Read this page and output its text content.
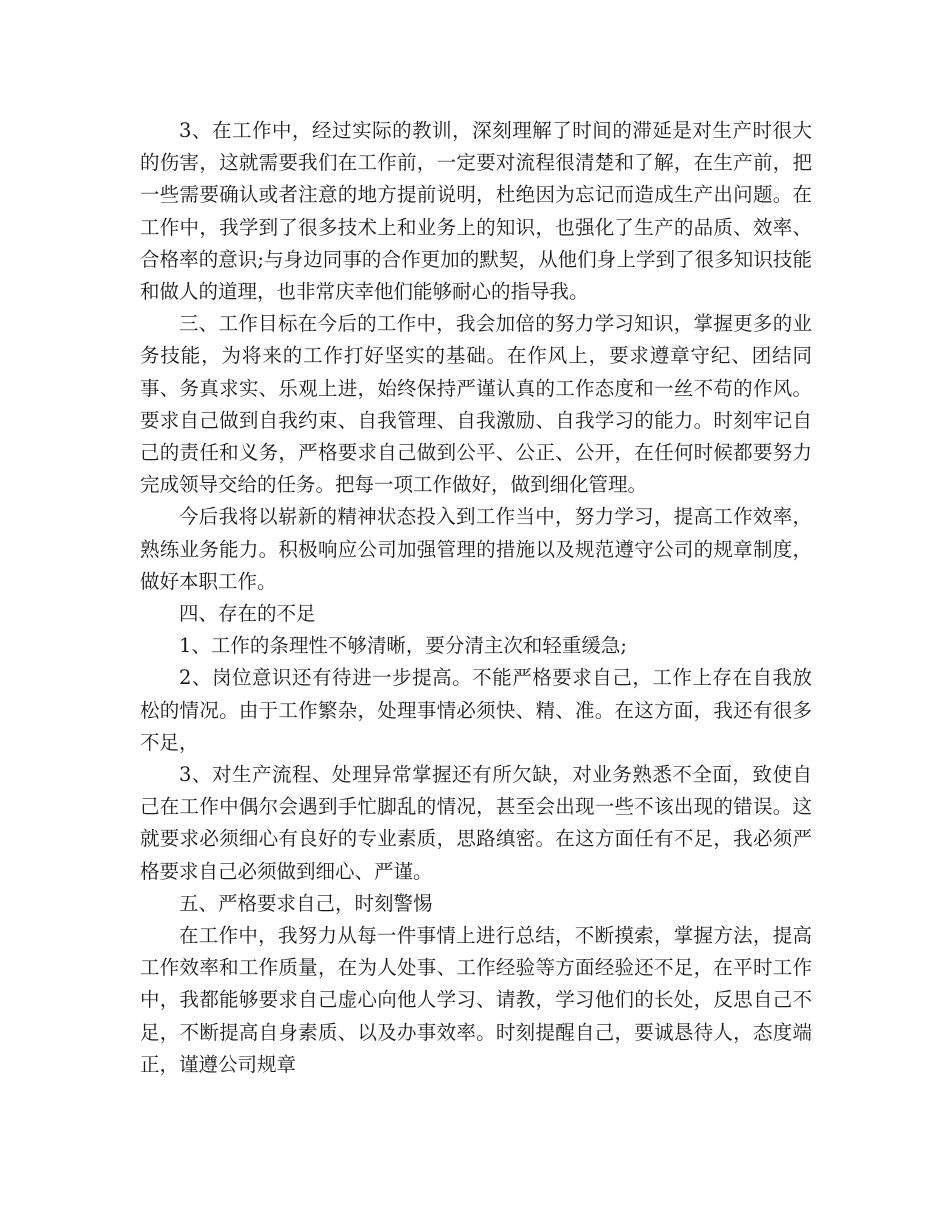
3、在工作中，经过实际的教训，深刻理解了时间的滞延是对生产时很大的伤害，这就需要我们在工作前，一定要对流程很清楚和了解，在生产前，把一些需要确认或者注意的地方提前说明，杜绝因为忘记而造成生产出问题。在工作中，我学到了很多技术上和业务上的知识，也强化了生产的品质、效率、合格率的意识;与身边同事的合作更加的默契，从他们身上学到了很多知识技能和做人的道理，也非常庆幸他们能够耐心的指导我。

三、工作目标在今后的工作中，我会加倍的努力学习知识，掌握更多的业务技能，为将来的工作打好坚实的基础。在作风上，要求遵章守纪、团结同事、务真求实、乐观上进，始终保持严谨认真的工作态度和一丝不苟的作风。要求自己做到自我约束、自我管理、自我激励、自我学习的能力。时刻牢记自己的责任和义务，严格要求自己做到公平、公正、公开，在任何时候都要努力完成领导交给的任务。把每一项工作做好，做到细化管理。

今后我将以崭新的精神状态投入到工作当中，努力学习，提高工作效率，熟练业务能力。积极响应公司加强管理的措施以及规范遵守公司的规章制度，做好本职工作。

四、存在的不足

1、工作的条理性不够清晰，要分清主次和轻重缓急;

2、岗位意识还有待进一步提高。不能严格要求自己，工作上存在自我放松的情况。由于工作繁杂，处理事情必须快、精、准。在这方面，我还有很多不足，

3、对生产流程、处理异常掌握还有所欠缺，对业务熟悉不全面，致使自己在工作中偶尔会遇到手忙脚乱的情况，甚至会出现一些不该出现的错误。这就要求必须细心有良好的专业素质，思路缜密。在这方面任有不足，我必须严格要求自己必须做到细心、严谨。

五、严格要求自己，时刻警惕

在工作中，我努力从每一件事情上进行总结，不断摸索，掌握方法，提高工作效率和工作质量，在为人处事、工作经验等方面经验还不足，在平时工作中，我都能够要求自己虚心向他人学习、请教，学习他们的长处，反思自己不足，不断提高自身素质、以及办事效率。时刻提醒自己，要诚恳待人，态度端正，谨遵公司规章
